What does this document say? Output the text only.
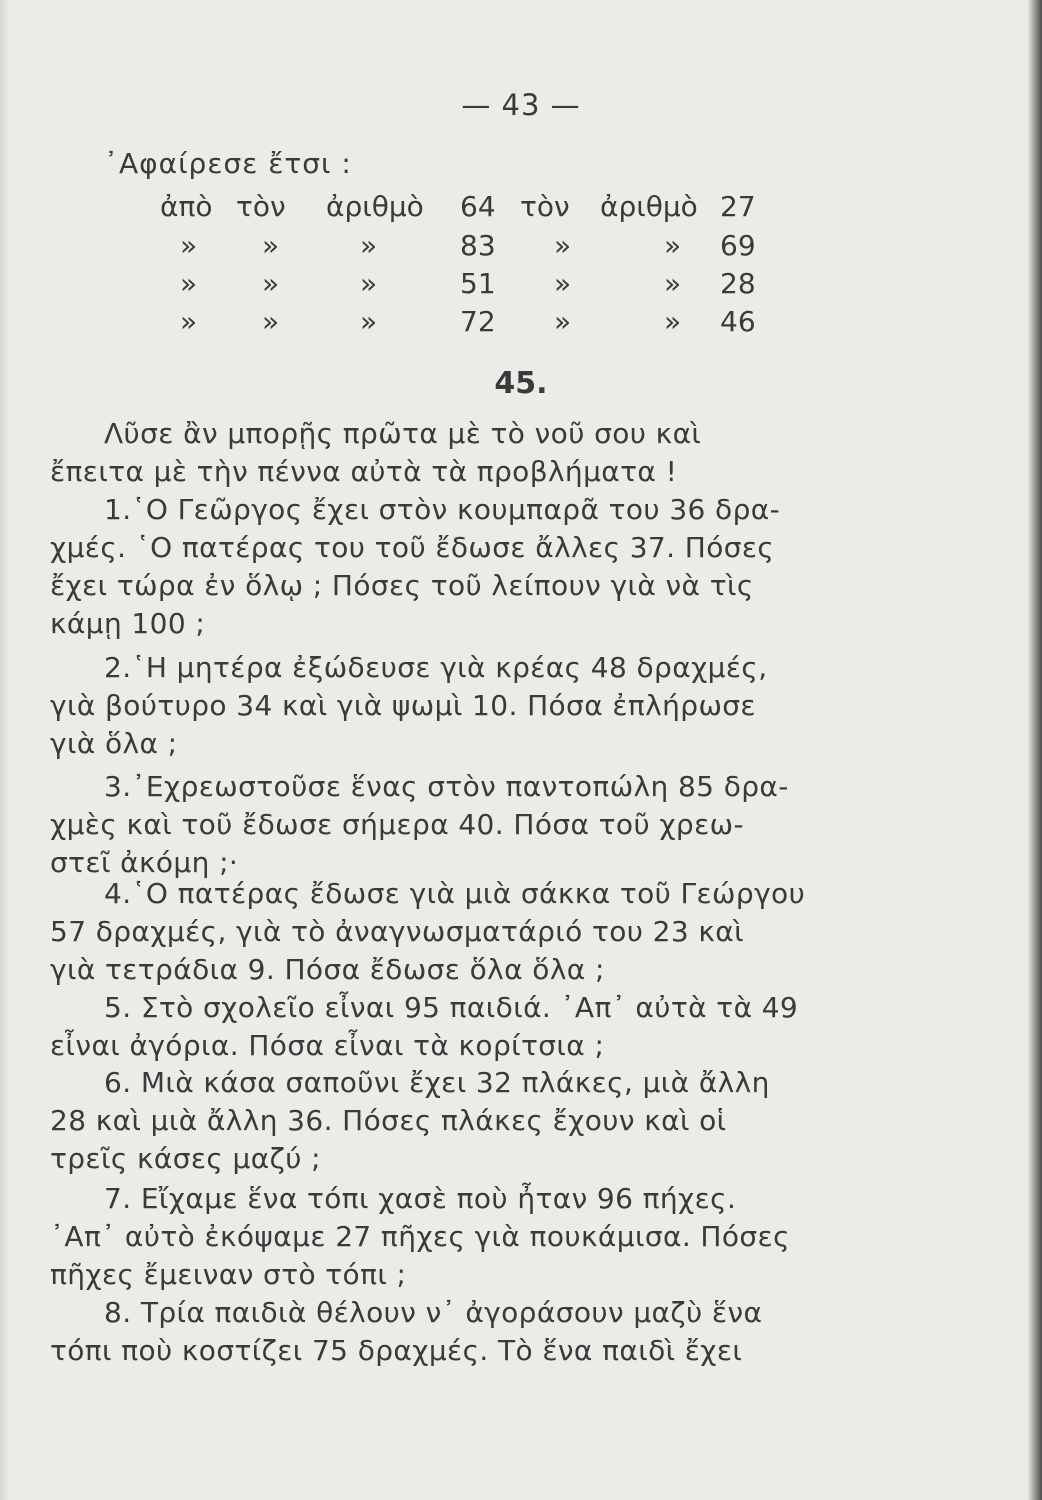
— 43 —
᾿Αφαίρεσε ἔτσι :
ἀπὸ τὸν ἀριθμὸ 64 τὸν ἀριθμὸ 27
» »	»	83 »	» 69
» »	»	51 »	» 28
» »	»	72 »	» 46
45.
Λῦσε ἂν μπορῇς πρῶτα μὲ τὸ νοῦ σου καὶ
ἔπειτα μὲ τὴν πέννα αὐτὰ τὰ προβλήματα !
1.῾Ο Γεῶργος ἔχει στὸν κουμπαρᾶ του 36 δρα-
χμές. ῾Ο πατέρας του τοῦ ἔδωσε ἄλλες 37. Πόσες
ἔχει τώρα ἐν ὅλῳ ; Πόσες τοῦ λείπουν γιὰ νὰ τὶς
κάμῃ 100 ;
2.῾Η μητέρα ἐξώδευσε γιὰ κρέας 48 δραχμές,
γιὰ βούτυρο 34 καὶ γιὰ ψωμὶ 10. Πόσα ἐπλήρωσε
γιὰ ὅλα ;
3.᾿Εχρεωστοῦσε ἕνας στὸν παντοπώλη 85 δρα-
χμὲς καὶ τοῦ ἔδωσε σήμερα 40. Πόσα τοῦ χρεω-
στεῖ ἀκόμη ;·
4.῾Ο πατέρας ἔδωσε γιὰ μιὰ σάκκα τοῦ Γεώργου
57 δραχμές, γιὰ τὸ ἀναγνωσματάριό του 23 καὶ
γιὰ τετράδια 9. Πόσα ἔδωσε ὅλα ὅλα ;
5. Στὸ σχολεῖο εἶναι 95 παιδιά. ᾿Απ᾿ αὐτὰ τὰ 49
εἶναι ἀγόρια. Πόσα εἶναι τὰ κορίτσια ;
6. Μιὰ κάσα σαποῦνι ἔχει 32 πλάκες, μιὰ ἄλλη
28 καὶ μιὰ ἄλλη 36. Πόσες πλάκες ἔχουν καὶ οἱ
τρεῖς κάσες μαζύ ;
7. Εἴχαμε ἕνα τόπι χασὲ ποὺ ἦταν 96 πήχες.
᾿Απ᾿ αὐτὸ ἐκόψαμε 27 πῆχες γιὰ πουκάμισα. Πόσες
πῆχες ἔμειναν στὸ τόπι ;
8. Τρία παιδιὰ θέλουν ν᾿ ἀγοράσουν μαζὺ ἕνα
τόπι ποὺ κοστίζει 75 δραχμές. Τὸ ἕνα παιδὶ ἔχει
